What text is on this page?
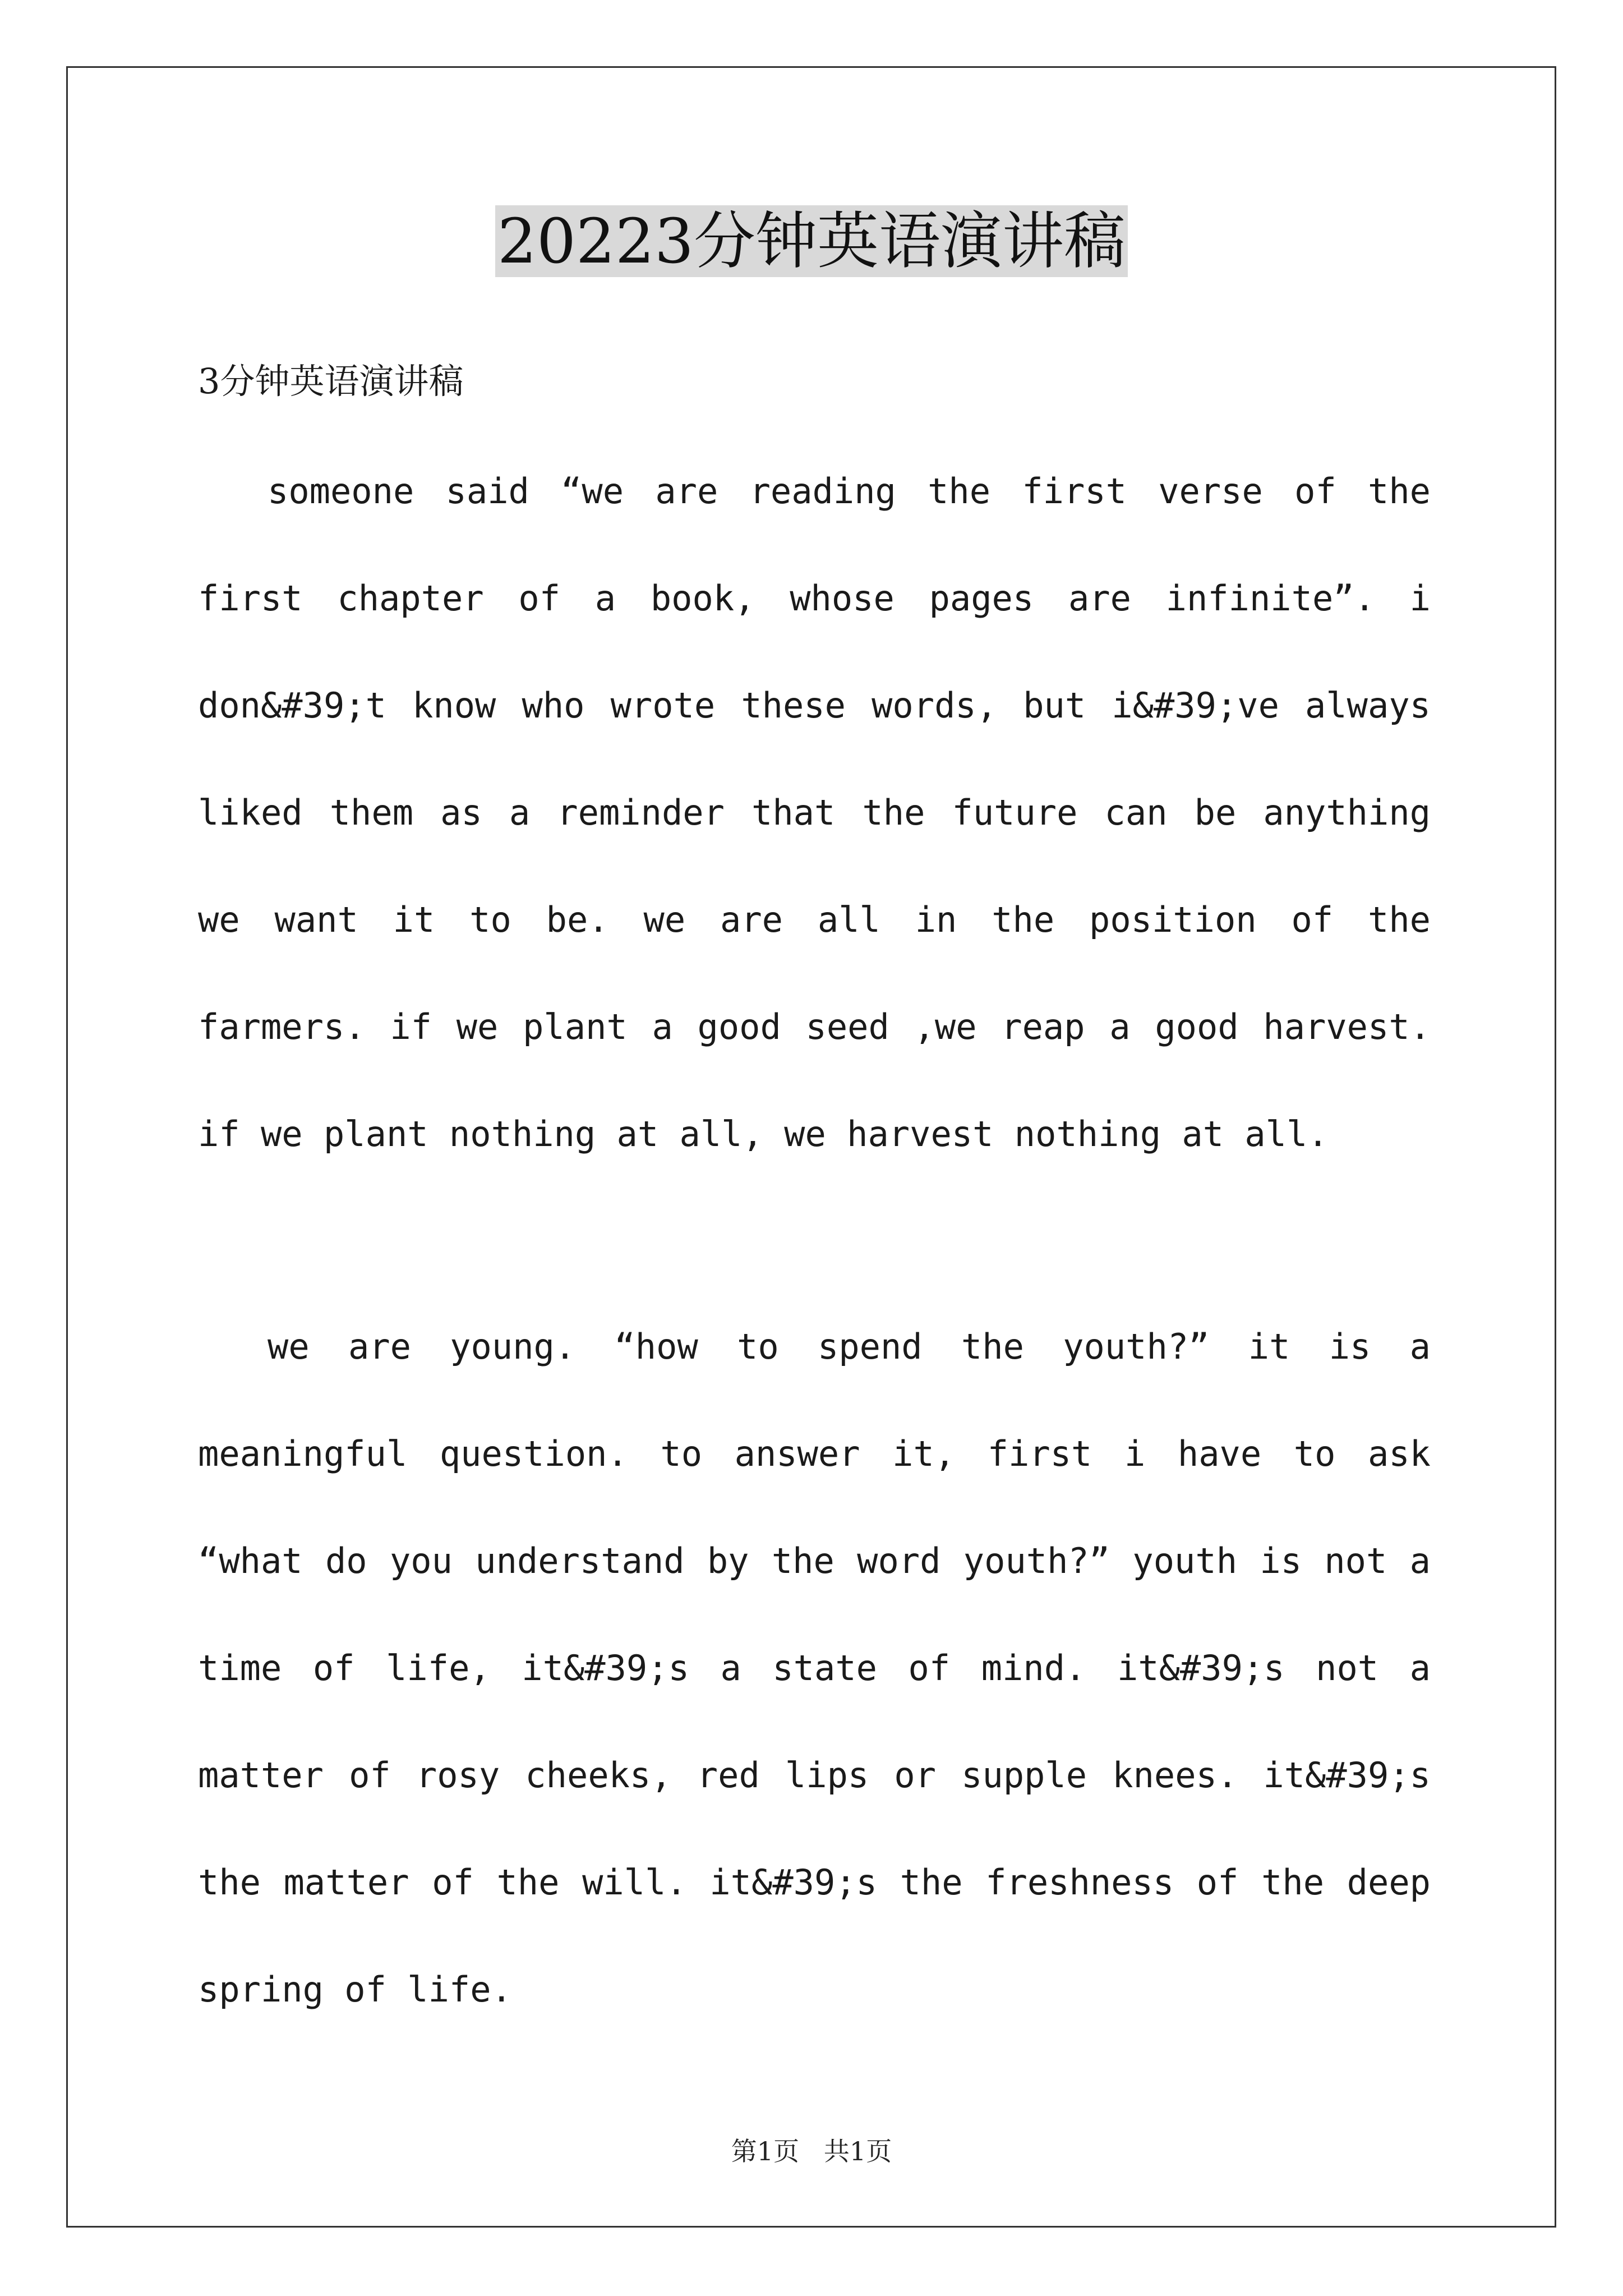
20223分钟英语演讲稿
3分钟英语演讲稿

someone said “we are reading the first verse of the first chapter of a book, whose pages are infinite”. i don&#39;t know who wrote these words, but i&#39;ve always liked them as a reminder that the future can be anything we want it to be. we are all in the position of the farmers. if we plant a good seed ,we reap a good harvest. if we plant nothing at all, we harvest nothing at all.

we are young. “how to spend the youth?” it is a meaningful question. to answer it, first i have to ask “what do you understand by the word youth?” youth is not a time of life, it&#39;s a state of mind. it&#39;s not a matter of rosy cheeks, red lips or supple knees. it&#39;s the matter of the will. it&#39;s the freshness of the deep spring of life.

第1页   共1页
